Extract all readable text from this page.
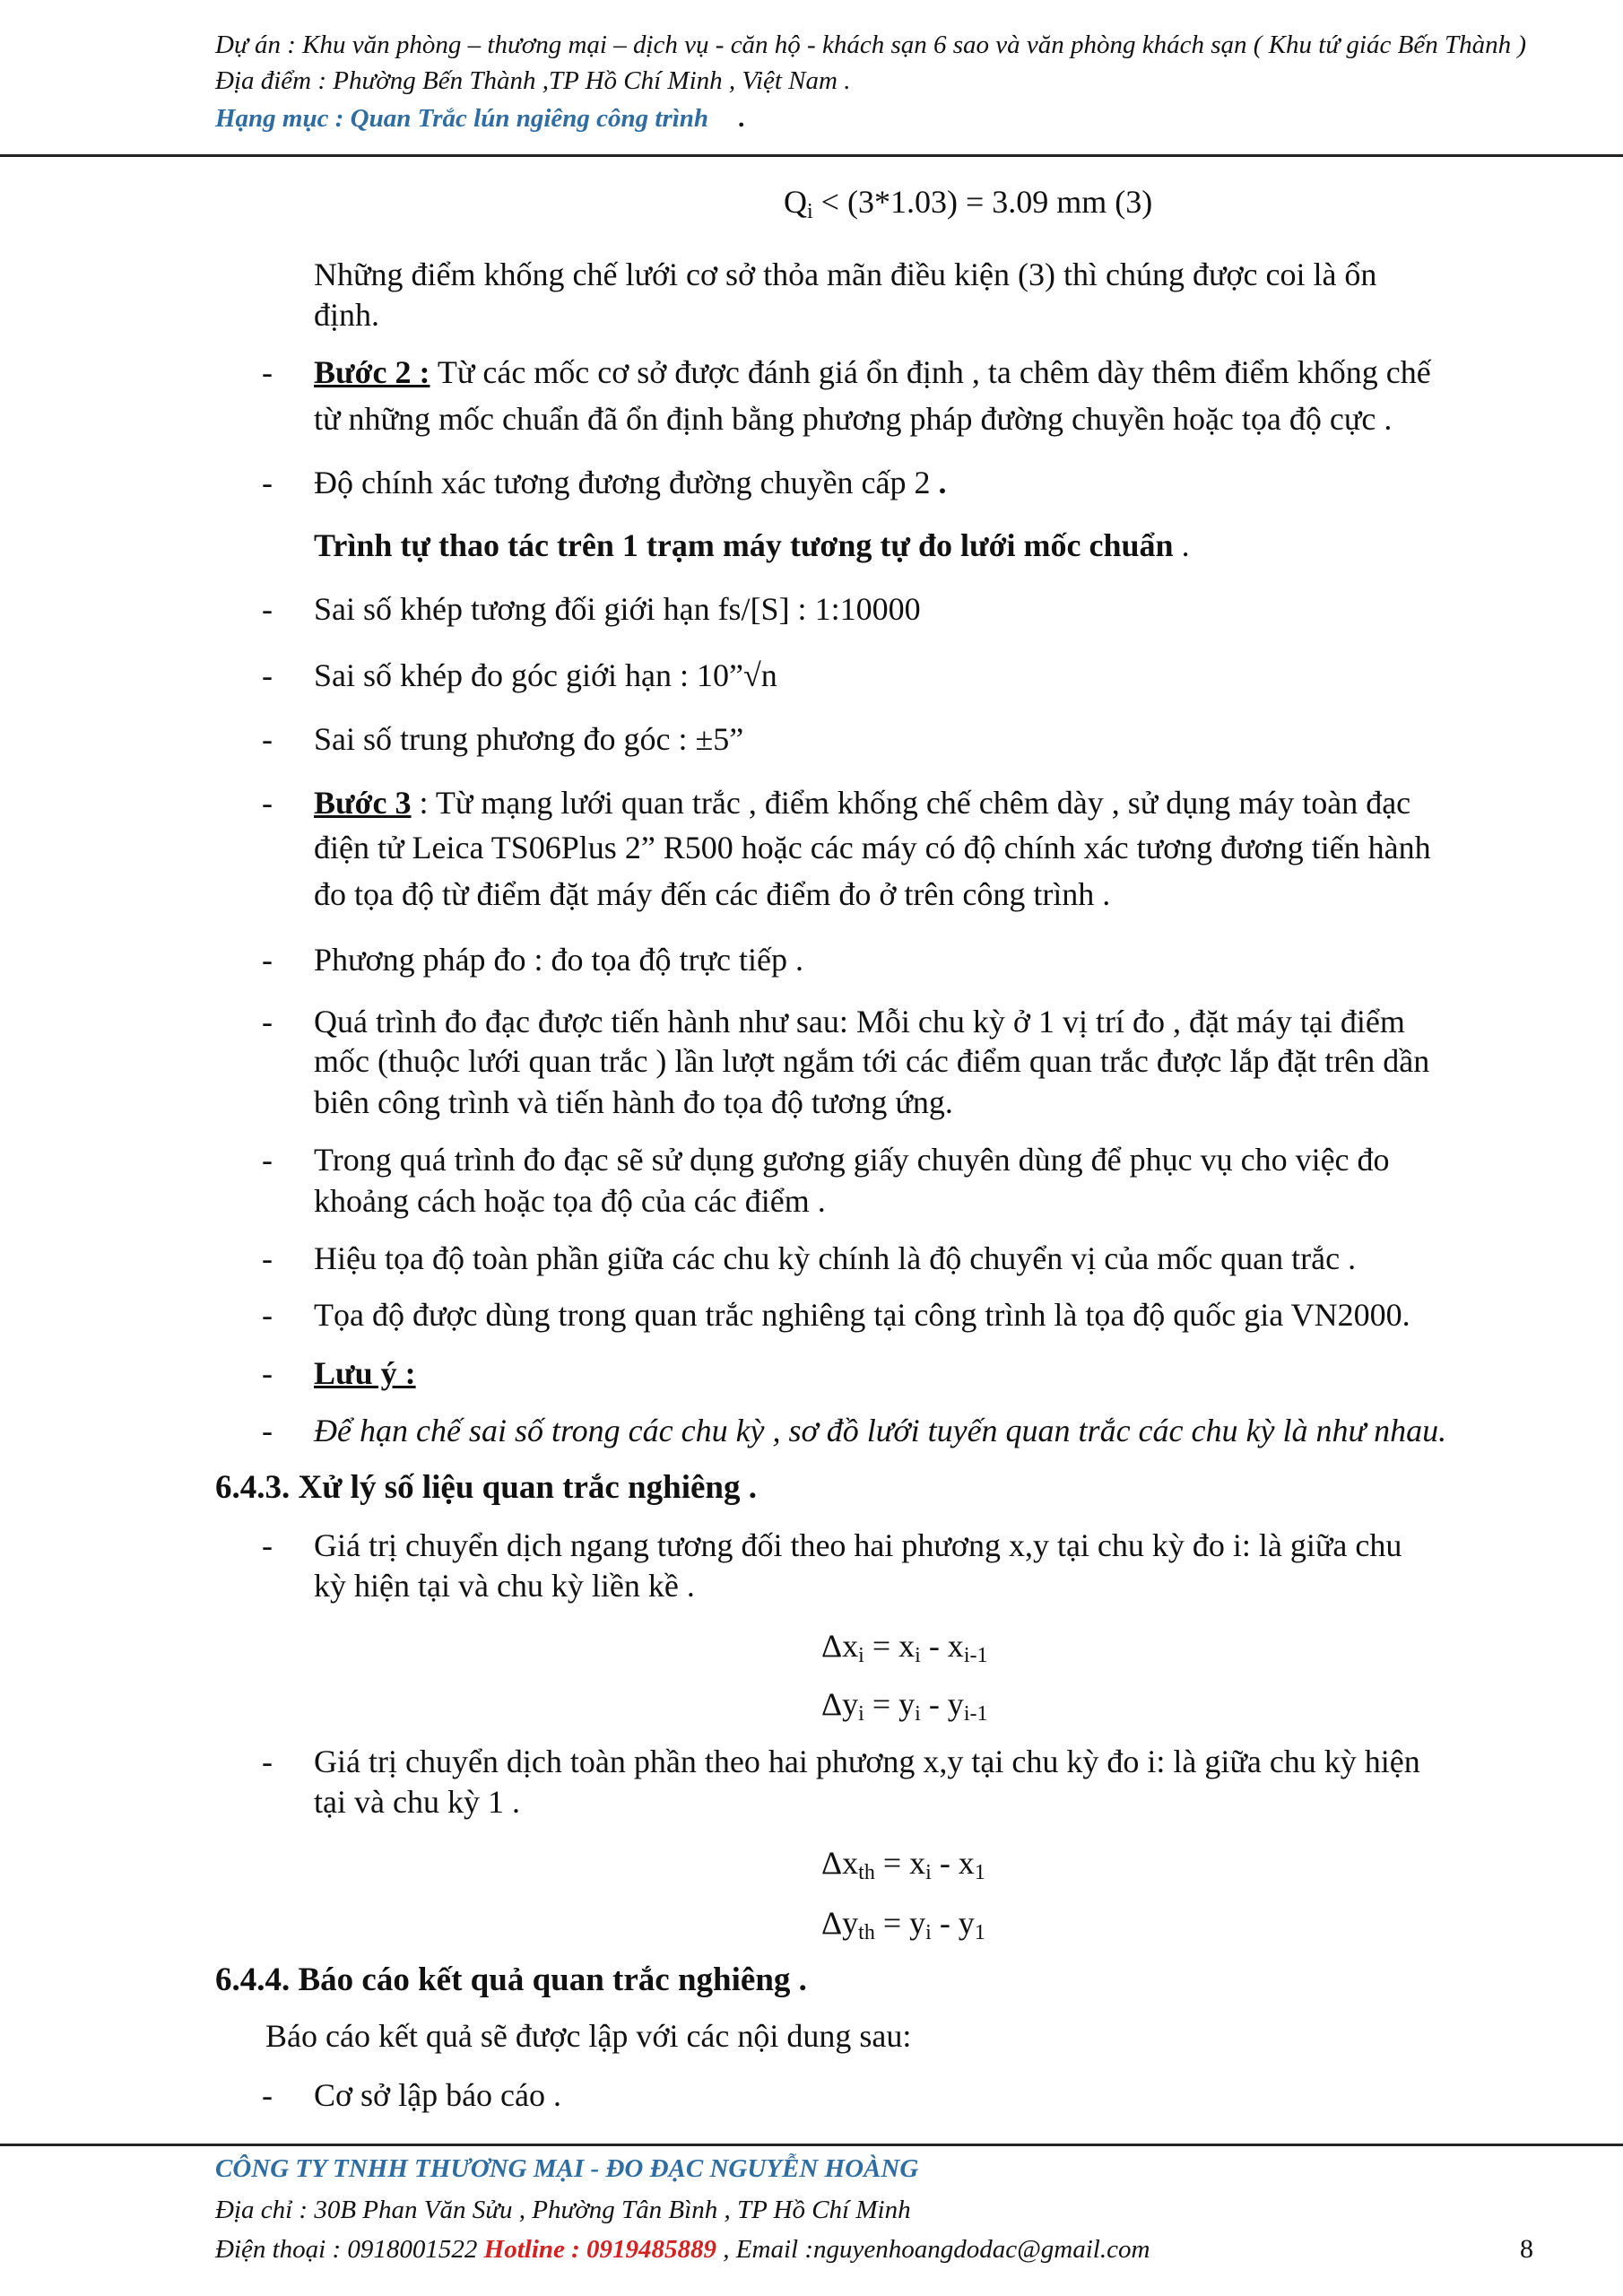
Dự án : Khu văn phòng – thương mại – dịch vụ - căn hộ - khách sạn 6 sao và văn phòng khách sạn ( Khu tứ giác Bến Thành )
Địa điểm : Phường Bến Thành ,TP Hồ Chí Minh , Việt Nam .
Hạng mục : Quan Trắc lún ngiêng công trình .
$Q_i < (3*1.03) = 3.09$ mm (3)
Những điểm khống chế lưới cơ sở thỏa mãn điều kiện (3) thì chúng được coi là ổn
định.
- Bước 2 : Từ các mốc cơ sở được đánh giá ổn định , ta chêm dày thêm điểm khống chế
từ những mốc chuẩn đã ổn định bằng phương pháp đường chuyền hoặc tọa độ cực .
- Độ chính xác tương đương đường chuyền cấp 2 .
Trình tự thao tác trên 1 trạm máy tương tự đo lưới mốc chuẩn .
- Sai số khép tương đối giới hạn fs/[S] : 1:10000
- Sai số khép đo góc giới hạn : 10”√n
- Sai số trung phương đo góc : ±5”
- Bước 3 : Từ mạng lưới quan trắc , điểm khống chế chêm dày , sử dụng máy toàn đạc
điện tử Leica TS06Plus 2” R500 hoặc các máy có độ chính xác tương đương tiến hành
đo tọa độ từ điểm đặt máy đến các điểm đo ở trên công trình .
- Phương pháp đo : đo tọa độ trực tiếp .
- Quá trình đo đạc được tiến hành như sau: Mỗi chu kỳ ở 1 vị trí đo , đặt máy tại điểm
mốc (thuộc lưới quan trắc ) lần lượt ngắm tới các điểm quan trắc được lắp đặt trên dần
biên công trình và tiến hành đo tọa độ tương ứng.
- Trong quá trình đo đạc sẽ sử dụng gương giấy chuyên dùng để phục vụ cho việc đo
khoảng cách hoặc tọa độ của các điểm .
- Hiệu tọa độ toàn phần giữa các chu kỳ chính là độ chuyển vị của mốc quan trắc .
- Tọa độ được dùng trong quan trắc nghiêng tại công trình là tọa độ quốc gia VN2000.
- Lưu ý :
- Để hạn chế sai số trong các chu kỳ , sơ đồ lưới tuyến quan trắc các chu kỳ là như nhau.
6.4.3. Xử lý số liệu quan trắc nghiêng .
- Giá trị chuyển dịch ngang tương đối theo hai phương x,y tại chu kỳ đo i: là giữa chu
kỳ hiện tại và chu kỳ liền kề .
$\Delta x_i = x_i - x_{i-1}$
$\Delta y_i = y_i - y_{i-1}$
- Giá trị chuyển dịch toàn phần theo hai phương x,y tại chu kỳ đo i: là giữa chu kỳ hiện
tại và chu kỳ 1 .
$\Delta x_{th} = x_i - x_1$
$\Delta y_{th} = y_i - y_1$
6.4.4. Báo cáo kết quả quan trắc nghiêng .
Báo cáo kết quả sẽ được lập với các nội dung sau:
- Cơ sở lập báo cáo .
CÔNG TY TNHH THƯƠNG MẠI - ĐO ĐẠC NGUYỄN HOÀNG
Địa chỉ : 30B Phan Văn Sửu , Phường Tân Bình , TP Hồ Chí Minh
Điện thoại : 0918001522 Hotline : 0919485889 , Email :nguyenhoangdodac@gmail.com	8
